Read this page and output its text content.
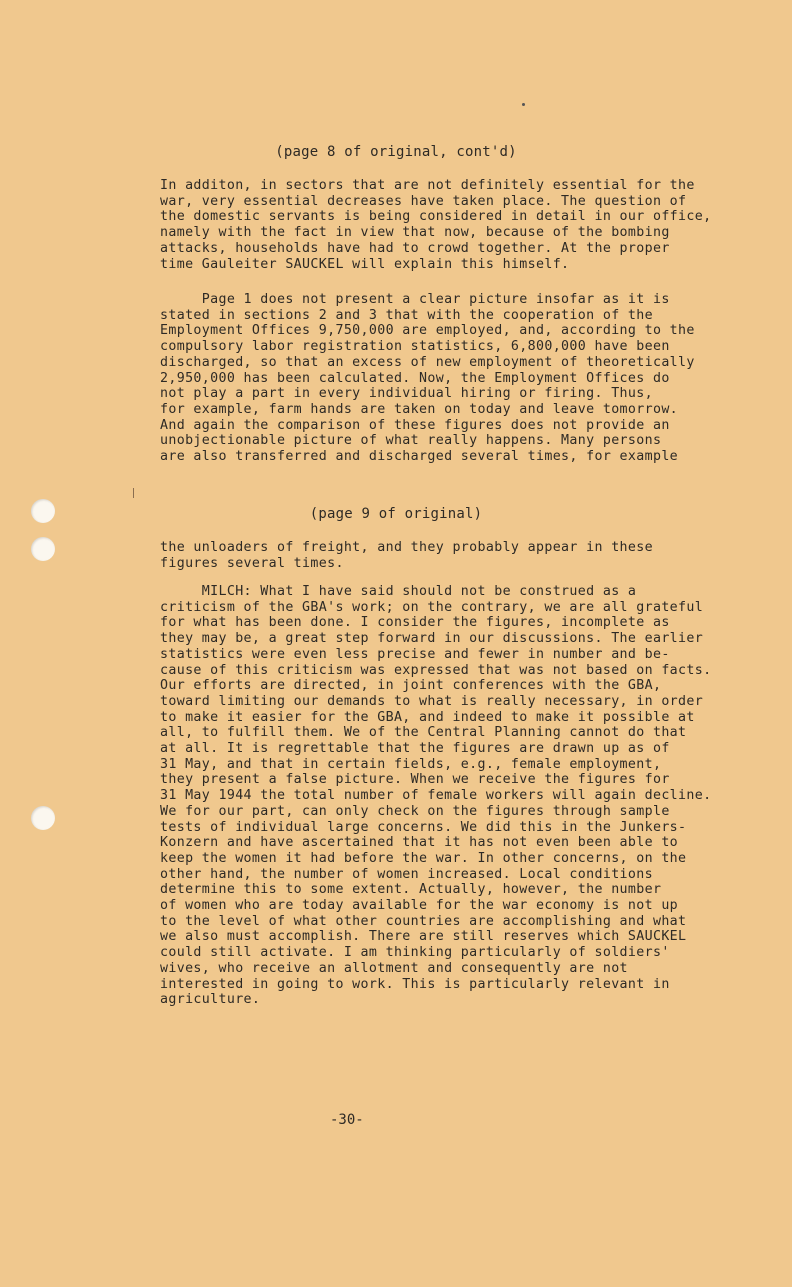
(page 8 of original, cont'd)
In additon, in sectors that are not definitely essential for the
war, very essential decreases have taken place. The question of
the domestic servants is being considered in detail in our office,
namely with the fact in view that now, because of the bombing
attacks, households have had to crowd together. At the proper
time Gauleiter SAUCKEL will explain this himself.
Page 1 does not present a clear picture insofar as it is
stated in sections 2 and 3 that with the cooperation of the
Employment Offices 9,750,000 are employed, and, according to the
compulsory labor registration statistics, 6,800,000 have been
discharged, so that an excess of new employment of theoretically
2,950,000 has been calculated. Now, the Employment Offices do
not play a part in every individual hiring or firing. Thus,
for example, farm hands are taken on today and leave tomorrow.
And again the comparison of these figures does not provide an
unobjectionable picture of what really happens. Many persons
are also transferred and discharged several times, for example
(page 9 of original)
the unloaders of freight, and they probably appear in these
figures several times.
MILCH: What I have said should not be construed as a
criticism of the GBA's work; on the contrary, we are all grateful
for what has been done. I consider the figures, incomplete as
they may be, a great step forward in our discussions. The earlier
statistics were even less precise and fewer in number and be-
cause of this criticism was expressed that was not based on facts.
Our efforts are directed, in joint conferences with the GBA,
toward limiting our demands to what is really necessary, in order
to make it easier for the GBA, and indeed to make it possible at
all, to fulfill them. We of the Central Planning cannot do that
at all. It is regrettable that the figures are drawn up as of
31 May, and that in certain fields, e.g., female employment,
they present a false picture. When we receive the figures for
31 May 1944 the total number of female workers will again decline.
We for our part, can only check on the figures through sample
tests of individual large concerns. We did this in the Junkers-
Konzern and have ascertained that it has not even been able to
keep the women it had before the war. In other concerns, on the
other hand, the number of women increased. Local conditions
determine this to some extent. Actually, however, the number
of women who are today available for the war economy is not up
to the level of what other countries are accomplishing and what
we also must accomplish. There are still reserves which SAUCKEL
could still activate. I am thinking particularly of soldiers'
wives, who receive an allotment and consequently are not
interested in going to work. This is particularly relevant in
agriculture.
-30-
